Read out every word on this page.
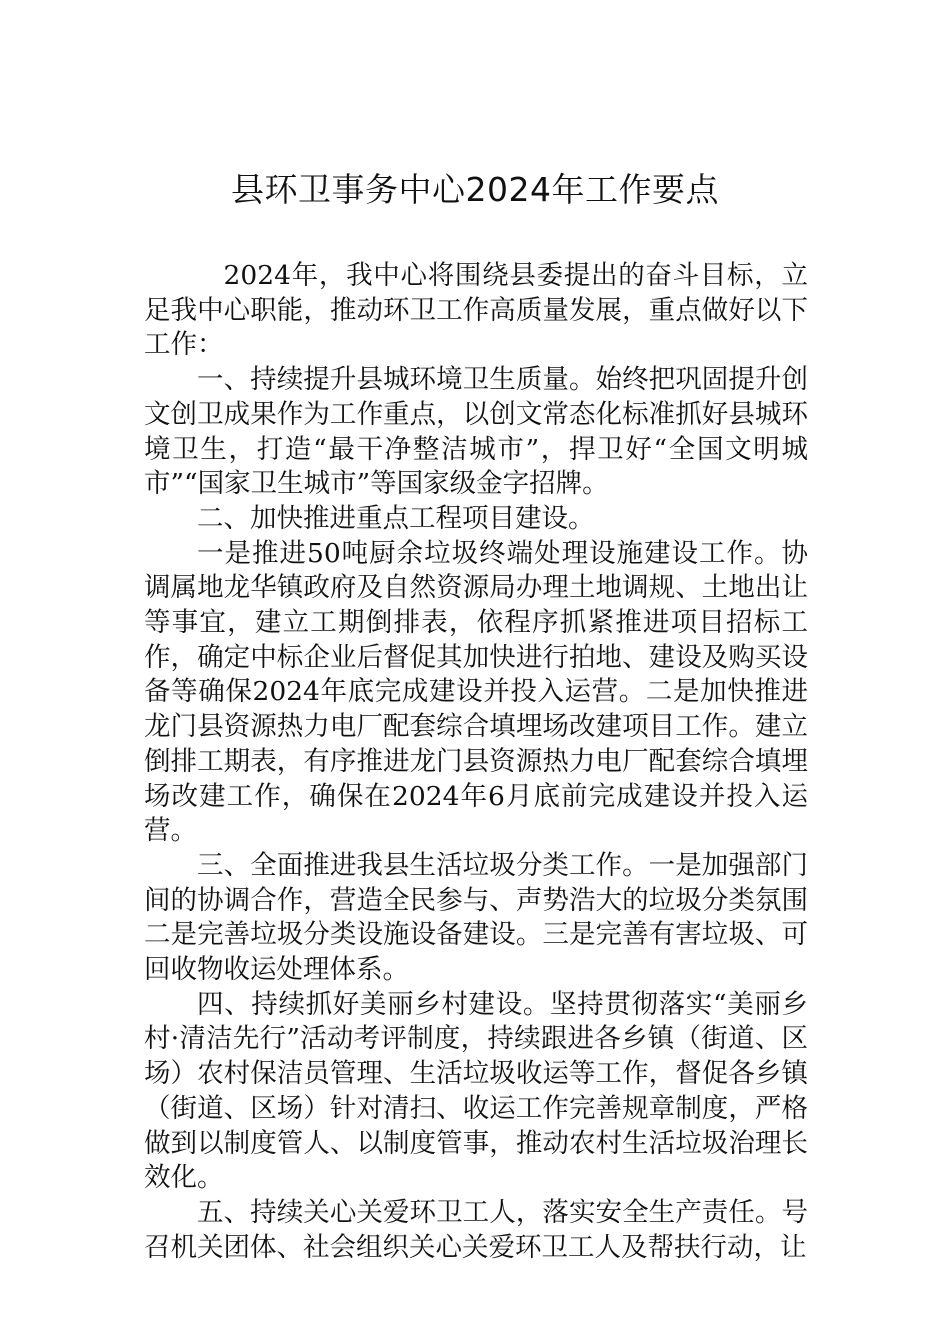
县环卫事务中心2024年工作要点

2024年，我中心将围绕县委提出的奋斗目标，立足我中心职能，推动环卫工作高质量发展，重点做好以下工作：

一、持续提升县城环境卫生质量。始终把巩固提升创文创卫成果作为工作重点，以创文常态化标准抓好县城环境卫生，打造“最干净整洁城市”，捍卫好“全国文明城市”“国家卫生城市”等国家级金字招牌。

二、加快推进重点工程项目建设。

一是推进50吨厨余垃圾终端处理设施建设工作。协调属地龙华镇政府及自然资源局办理土地调规、土地出让等事宜，建立工期倒排表，依程序抓紧推进项目招标工作，确定中标企业后督促其加快进行拍地、建设及购买设备等确保2024年底完成建设并投入运营。二是加快推进龙门县资源热力电厂配套综合填埋场改建项目工作。建立倒排工期表，有序推进龙门县资源热力电厂配套综合填埋场改建工作，确保在2024年6月底前完成建设并投入运营。

三、全面推进我县生活垃圾分类工作。一是加强部门间的协调合作，营造全民参与、声势浩大的垃圾分类氛围二是完善垃圾分类设施设备建设。三是完善有害垃圾、可回收物收运处理体系。

四、持续抓好美丽乡村建设。坚持贯彻落实“美丽乡村·清洁先行”活动考评制度，持续跟进各乡镇（街道、区场）农村保洁员管理、生活垃圾收运等工作，督促各乡镇（街道、区场）针对清扫、收运工作完善规章制度，严格做到以制度管人、以制度管事，推动农村生活垃圾治理长效化。

五、持续关心关爱环卫工人，落实安全生产责任。号召机关团体、社会组织关心关爱环卫工人及帮扶行动，让
